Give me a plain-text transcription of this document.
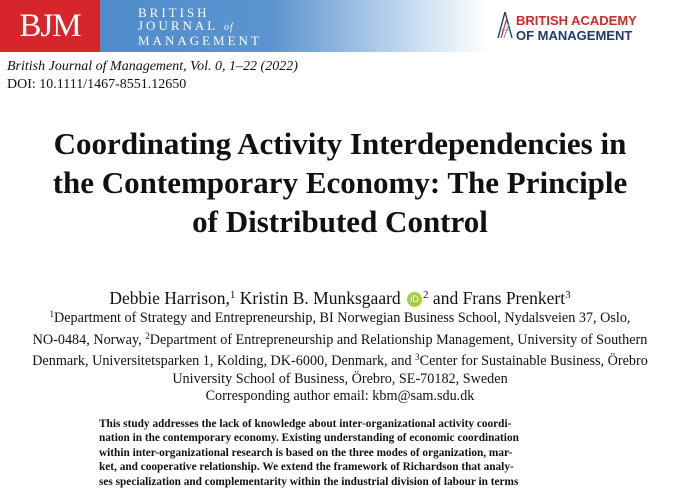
BJM	BRITISH
JOURNAL of
MANAGEMENT
BRITISH ACADEMY
OF MANAGEMENT
British Journal of Management, Vol. 0, 1–22 (2022)
DOI: 10.1111/1467-8551.12650
Coordinating Activity Interdependencies in
the Contemporary Economy: The Principle
of Distributed Control
Debbie Harrison,$^1$ Kristin B. Munksgaard iD $^2$ and Frans Prenkert$^3$
$^1$Department of Strategy and Entrepreneurship, BI Norwegian Business School, Nydalsveien 37, Oslo,
NO-0484, Norway, $^2$Department of Entrepreneurship and Relationship Management, University of Southern
Denmark, Universitetsparken 1, Kolding, DK-6000, Denmark, and $^3$Center for Sustainable Business, Örebro
University School of Business, Örebro, SE-70182, Sweden
Corresponding author email: kbm@sam.sdu.dk
This study addresses the lack of knowledge about inter-organizational activity coordi-
nation in the contemporary economy. Existing understanding of economic coordination
within inter-organizational research is based on the three modes of organization, mar-
ket, and cooperative relationship. We extend the framework of Richardson that analy-
ses specialization and complementarity within the industrial division of labour in terms
